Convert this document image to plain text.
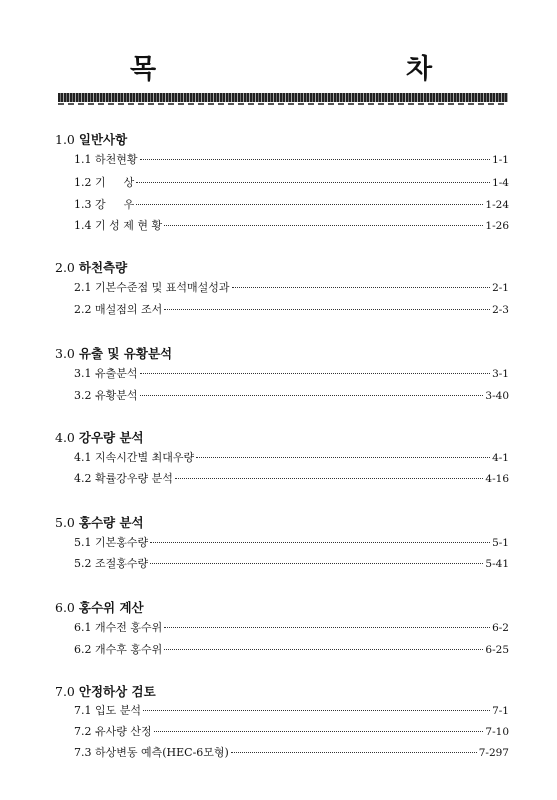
목	차
1.0 일반사항
1.1 하천현황	1-1
1.2 기 　 상	1-4
1.3 강 　 우	1-24
1.4 기 성 제 현 황	1-26
2.0 하천측량
2.1 기본수준점 및 표석매설성과	2-1
2.2 매설점의 조서	2-3
3.0 유출 및 유황분석
3.1 유출분석	3-1
3.2 유황분석	3-40
4.0 강우량 분석
4.1 지속시간별 최대우량	4-1
4.2 확률강우량 분석	4-16
5.0 홍수량 분석
5.1 기본홍수량	5-1
5.2 조절홍수량	5-41
6.0 홍수위 계산
6.1 개수전 홍수위	6-2
6.2 개수후 홍수위	6-25
7.0 안정하상 검토
7.1 입도 분석	7-1
7.2 유사량 산정	7-10
7.3 하상변동 예측(HEC-6모형)	7-297
